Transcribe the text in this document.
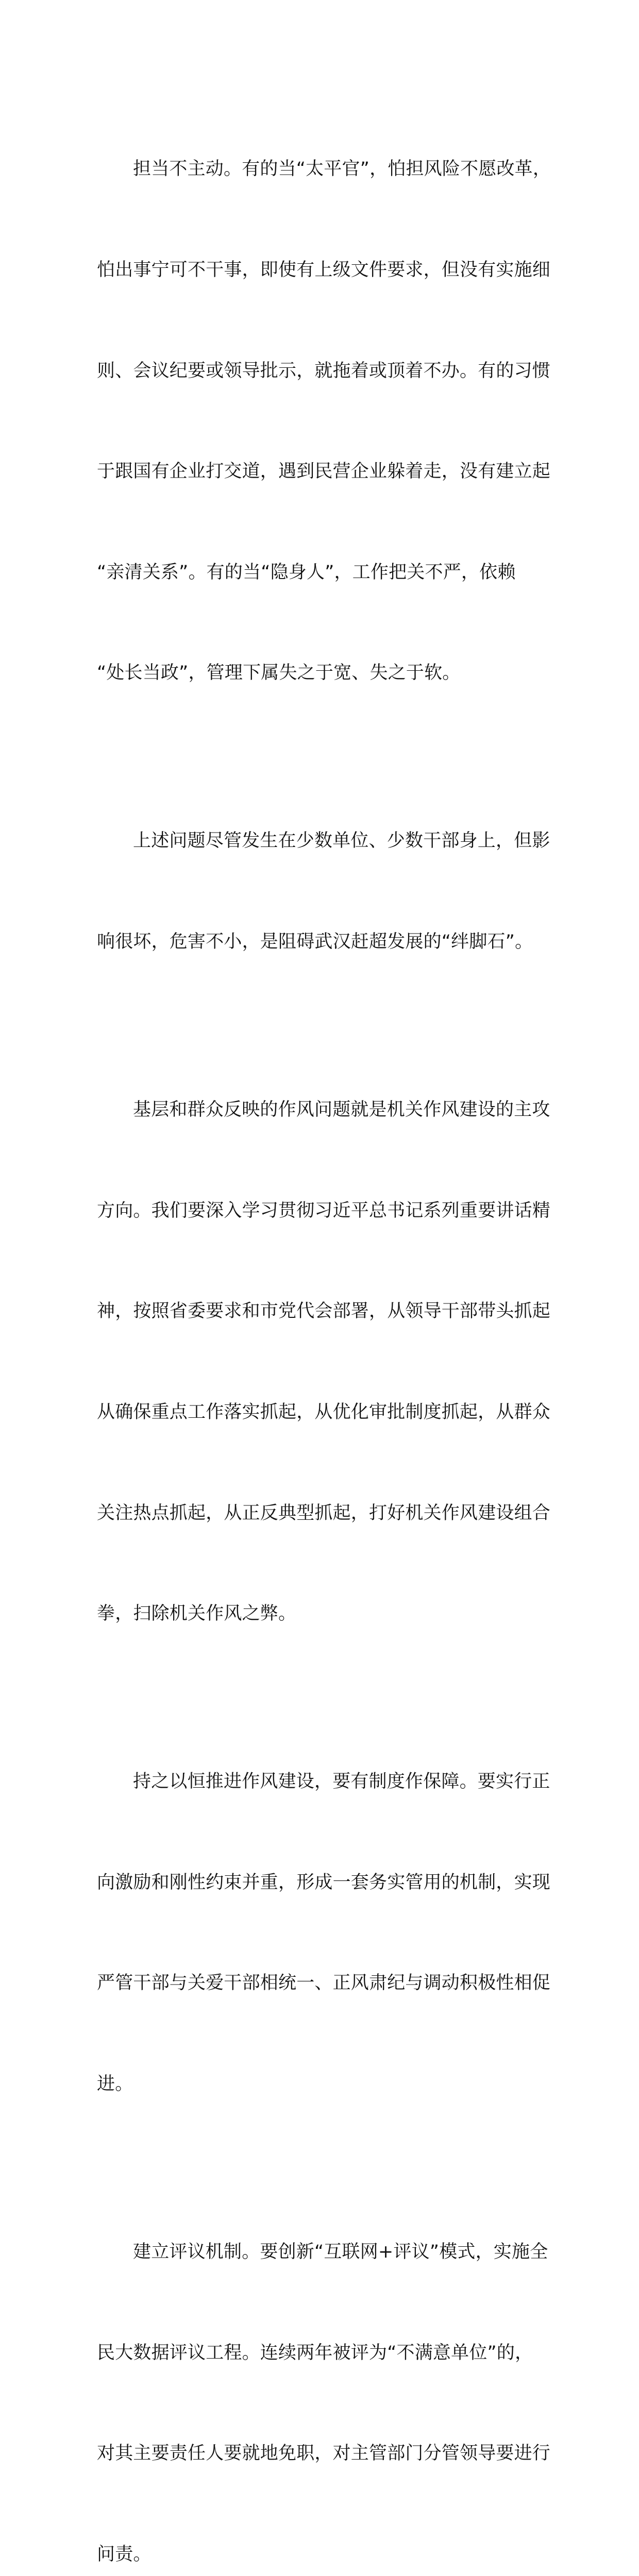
担当不主动。有的当“太平官”，怕担风险不愿改革，

怕出事宁可不干事，即使有上级文件要求，但没有实施细

则、会议纪要或领导批示，就拖着或顶着不办。有的习惯

于跟国有企业打交道，遇到民营企业躲着走，没有建立起

“亲清关系”。有的当“隐身人”，工作把关不严，依赖

“处长当政”，管理下属失之于宽、失之于软。

上述问题尽管发生在少数单位、少数干部身上，但影

响很坏，危害不小，是阻碍武汉赶超发展的“绊脚石”。

基层和群众反映的作风问题就是机关作风建设的主攻

方向。我们要深入学习贯彻习近平总书记系列重要讲话精

神，按照省委要求和市党代会部署，从领导干部带头抓起

从确保重点工作落实抓起，从优化审批制度抓起，从群众

关注热点抓起，从正反典型抓起，打好机关作风建设组合

拳，扫除机关作风之弊。

持之以恒推进作风建设，要有制度作保障。要实行正

向激励和刚性约束并重，形成一套务实管用的机制，实现

严管干部与关爱干部相统一、正风肃纪与调动积极性相促

进。

建立评议机制。要创新“互联网+评议”模式，实施全

民大数据评议工程。连续两年被评为“不满意单位”的，

对其主要责任人要就地免职，对主管部门分管领导要进行

问责。
